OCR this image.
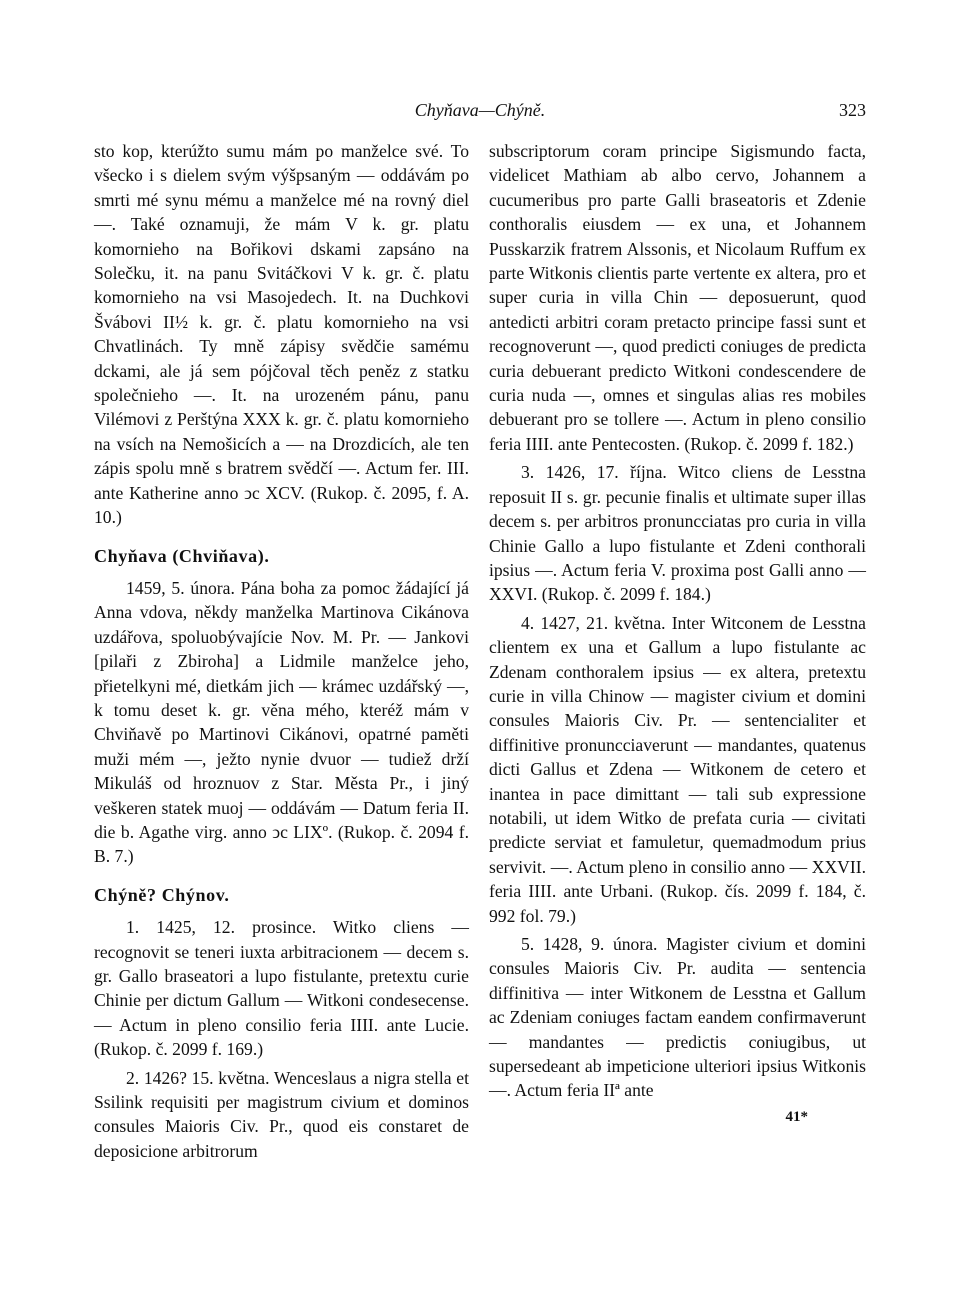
Chyňava—Chýně.	323

sto kop, kterúžto sumu mám po manželce své. To všecko i s dielem svým výšpsaným — oddávám po smrti mé synu mému a manželce mé na rovný diel —. Také oznamuji, že mám V k. gr. platu komornieho na Bořikovi dskami zapsáno na Solečku, it. na panu Svitáčkovi V k. gr. č. platu komornieho na vsi Masojedech. It. na Duchkovi Švábovi II½ k. gr. č. platu komornieho na vsi Chvatlinách. Ty mně zápisy svědčie samému dckami, ale já sem pójčoval těch peněz z statku společnieho —. It. na urozeném pánu, panu Vilémovi z Perštýna XXX k. gr. č. platu komornieho na vsích na Nemošicích a — na Drozdicích, ale ten zápis spolu mně s bratrem svědčí —. Actum fer. III. ante Katherine anno ↄc XCV. (Rukop. č. 2095, f. A. 10.)

Chyňava (Chviňava).

1459, 5. února. Pána boha za pomoc žádající já Anna vdova, někdy manželka Martinova Cikánova uzdářova, spoluobývajície Nov. M. Pr. — Jankovi [pilaři z Zbiroha] a Lidmile manželce jeho, přietelkyni mé, dietkám jich — krámec uzdářský —, k tomu deset k. gr. věna mého, kteréž mám v Chviňavě po Martinovi Cikánovi, opatrné paměti muži mém —, ježto nynie dvuor — tudiež drží Mikuláš od hroznuov z Star. Města Pr., i jiný veškeren statek muoj — oddávám — Datum feria II. die b. Agathe virg. anno ↄc LIXº. (Rukop. č. 2094 f. B. 7.)

Chýně? Chýnov.

1. 1425, 12. prosince. Witko cliens — recognovit se teneri iuxta arbitracionem — decem s. gr. Gallo braseatori a lupo fistulante, pretextu curie Chinie per dictum Gallum — Witkoni condesecense. — Actum in pleno consilio feria IIII. ante Lucie. (Rukop. č. 2099 f. 169.)

2. 1426? 15. května. Wenceslaus a nigra stella et Ssilink requisiti per magistrum civium et dominos consules Maioris Civ. Pr., quod eis constaret de deposicione arbitrorum

subscriptorum coram principe Sigismundo facta, videlicet Mathiam ab albo cervo, Johannem a cucumeribus pro parte Galli braseatoris et Zdenie conthoralis eiusdem — ex una, et Johannem Pusskarzik fratrem Alssonis, et Nicolaum Ruffum ex parte Witkonis clientis parte vertente ex altera, pro et super curia in villa Chin — deposuerunt, quod antedicti arbitri coram pretacto principe fassi sunt et recognoverunt —, quod predicti coniuges de predicta curia debuerant predicto Witkoni condescendere de curia nuda —, omnes et singulas alias res mobiles debuerant pro se tollere —. Actum in pleno consilio feria IIII. ante Pentecosten. (Rukop. č. 2099 f. 182.)

3. 1426, 17. října. Witco cliens de Lesstna reposuit II s. gr. pecunie finalis et ultimate super illas decem s. per arbitros pronuncciatas pro curia in villa Chinie Gallo a lupo fistulante et Zdeni conthorali ipsius —. Actum feria V. proxima post Galli anno — XXVI. (Rukop. č. 2099 f. 184.)

4. 1427, 21. května. Inter Witconem de Lesstna clientem ex una et Gallum a lupo fistulante ac Zdenam conthoralem ipsius — ex altera, pretextu curie in villa Chinow — magister civium et domini consules Maioris Civ. Pr. — sentencialiter et diffinitive pronuncciaverunt — mandantes, quatenus dicti Gallus et Zdena — Witkonem de cetero et inantea in pace dimittant — tali sub expressione notabili, ut idem Witko de prefata curia — civitati predicte serviat et famuletur, quemadmodum prius servivit. —. Actum pleno in consilio anno — XXVII. feria IIII. ante Urbani. (Rukop. čís. 2099 f. 184, č. 992 fol. 79.)

5. 1428, 9. února. Magister civium et domini consules Maioris Civ. Pr. audita — sentencia diffinitiva — inter Witkonem de Lesstna et Gallum ac Zdeniam coniuges factam eandem confirmaverunt — mandantes — predictis coniugibus, ut supersedeant ab impeticione ulteriori ipsius Witkonis —. Actum feria IIª ante

41*
